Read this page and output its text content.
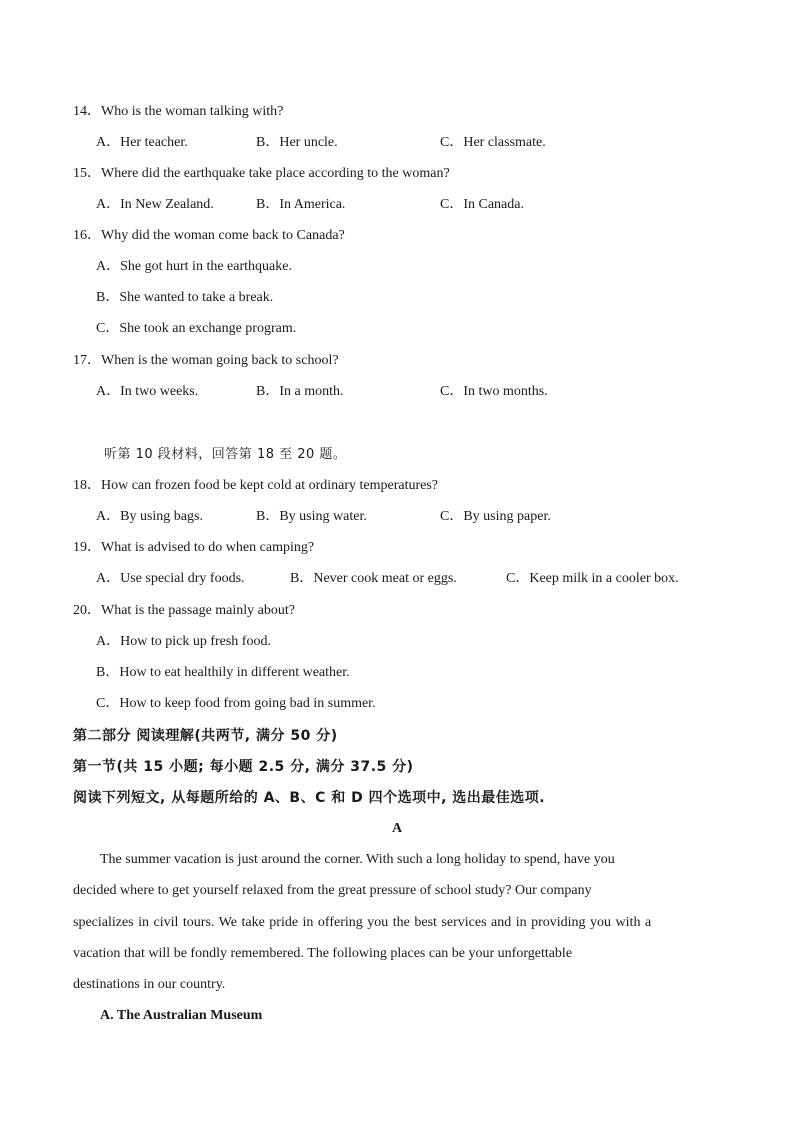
14．Who is the woman talking with?
A．Her teacher.	B．Her uncle.	C．Her classmate.
15．Where did the earthquake take place according to the woman?
A．In New Zealand.	B．In America.	C．In Canada.
16．Why did the woman come back to Canada?
A．She got hurt in the earthquake.
B．She wanted to take a break.
C．She took an exchange program.
17．When is the woman going back to school?
A．In two weeks.	B．In a month.	C．In two months.
听第 10 段材料，回答第 18 至 20 题。
18．How can frozen food be kept cold at ordinary temperatures?
A．By using bags.	B．By using water.	C．By using paper.
19．What is advised to do when camping?
A．Use special dry foods.	B．Never cook meat or eggs.	C．Keep milk in a cooler box.
20．What is the passage mainly about?
A．How to pick up fresh food.
B．How to eat healthily in different weather.
C．How to keep food from going bad in summer.
第二部分 阅读理解(共两节, 满分 50 分)
第一节(共 15 小题; 每小题 2.5 分, 满分 37.5 分)
阅读下列短文, 从每题所给的 A、B、C 和 D 四个选项中, 选出最佳选项.
A
The summer vacation is just around the corner. With such a long holiday to spend, have you
decided where to get yourself relaxed from the great pressure of school study? Our company
specializes in civil tours. We take pride in offering you the best services and in providing you with a
vacation that will be fondly remembered. The following places can be your unforgettable
destinations in our country.
A. The Australian Museum
